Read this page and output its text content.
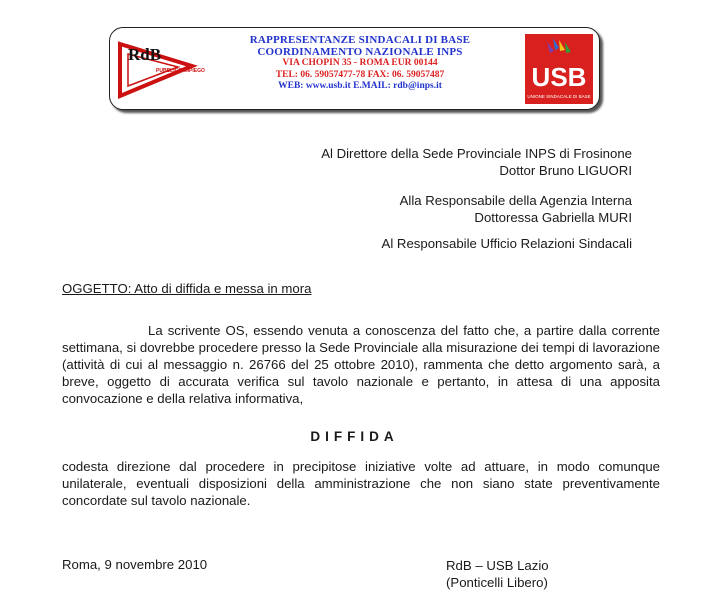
RdB
PUBBLICO IMPIEGO
RAPPRESENTANZE SINDACALI DI BASE
COORDINAMENTO NAZIONALE INPS
VIA CHOPIN 35 - ROMA EUR 00144
TEL: 06. 59057477-78 FAX: 06. 59057487
WEB: www.usb.it E.MAIL: rdb@inps.it	USB
UNIONE SINDACALE DI BASE
Al Direttore della Sede Provinciale INPS di Frosinone
Dottor Bruno LIGUORI
Alla Responsabile della Agenzia Interna
Dottoressa Gabriella MURI
Al Responsabile Ufficio Relazioni Sindacali
OGGETTO: Atto di diffida e messa in mora
La scrivente OS, essendo venuta a conoscenza del fatto che, a partire dalla corrente settimana, si dovrebbe procedere presso la Sede Provinciale alla misurazione dei tempi di lavorazione (attività di cui al messaggio n. 26766 del 25 ottobre 2010), rammenta che detto argomento sarà, a breve, oggetto di accurata verifica sul tavolo nazionale e pertanto, in attesa di una apposita convocazione e della relativa informativa,
DIFFIDA
codesta direzione dal procedere in precipitose iniziative volte ad attuare, in modo comunque unilaterale, eventuali disposizioni della amministrazione che non siano state preventivamente concordate sul tavolo nazionale.
Roma, 9 novembre 2010	RdB – USB Lazio
(Ponticelli Libero)
